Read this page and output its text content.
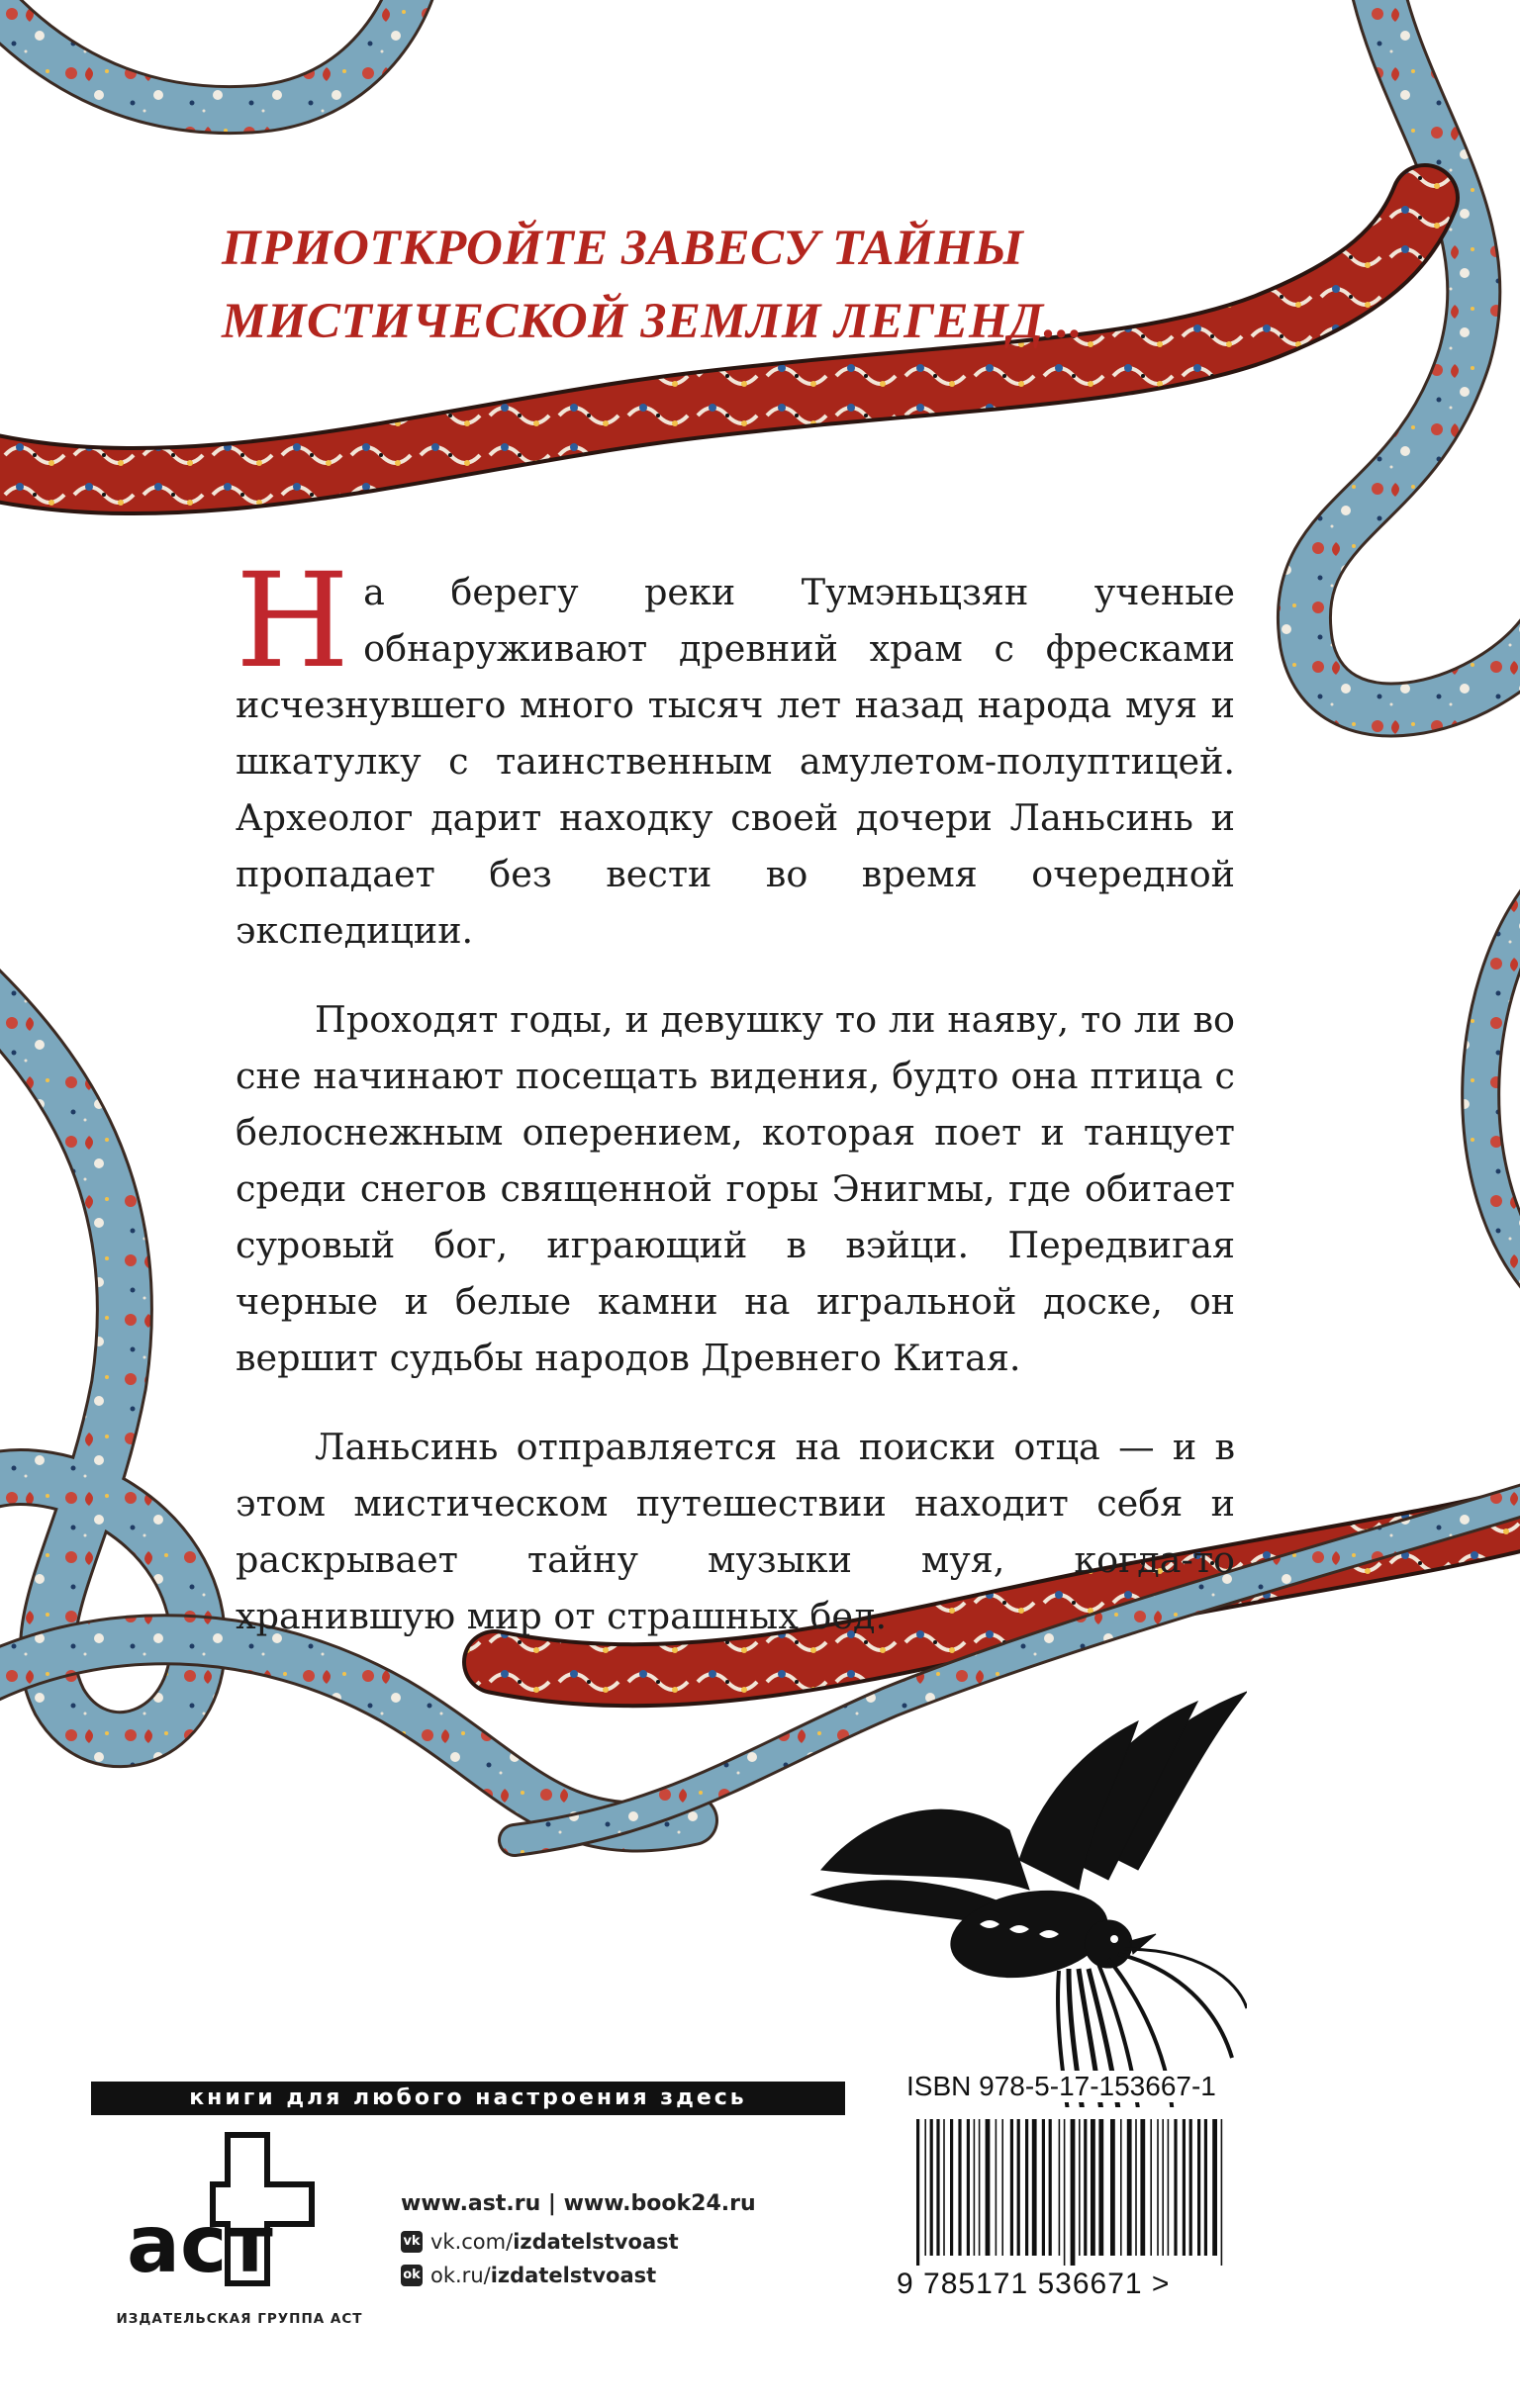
ПРИОТКРОЙТЕ ЗАВЕСУ ТАЙНЫ
МИСТИЧЕСКОЙ ЗЕМЛИ ЛЕГЕНД...

На берегу реки Тумэньцзян ученые обнаруживают древний храм с фресками исчезнувшего много тысяч лет назад народа муя и шкатулку с таинственным амулетом-полуптицей. Археолог дарит находку своей дочери Ланьсинь и пропадает без вести во время очередной экспедиции.

Проходят годы, и девушку то ли наяву, то ли во сне начинают посещать видения, будто она птица с белоснежным оперением, которая поет и танцует среди снегов священной горы Энигмы, где обитает суровый бог, играющий в вэйци. Передвигая черные и белые камни на игральной доске, он вершит судьбы народов Древнего Китая.

Ланьсинь отправляется на поиски отца — и в этом мистическом путешествии находит себя и раскрывает тайну музыки муя, когда-то хранившую мир от страшных бед.

книги для любого настроения здесь
аст
ИЗДАТЕЛЬСКАЯ ГРУППА АСТ
www.ast.ru | www.book24.ru
vk vk.com/ izdatelstvoast
ok ok.ru/ izdatelstvoast
ISBN 978-5-17-153667-1
9 785171 536671 >
